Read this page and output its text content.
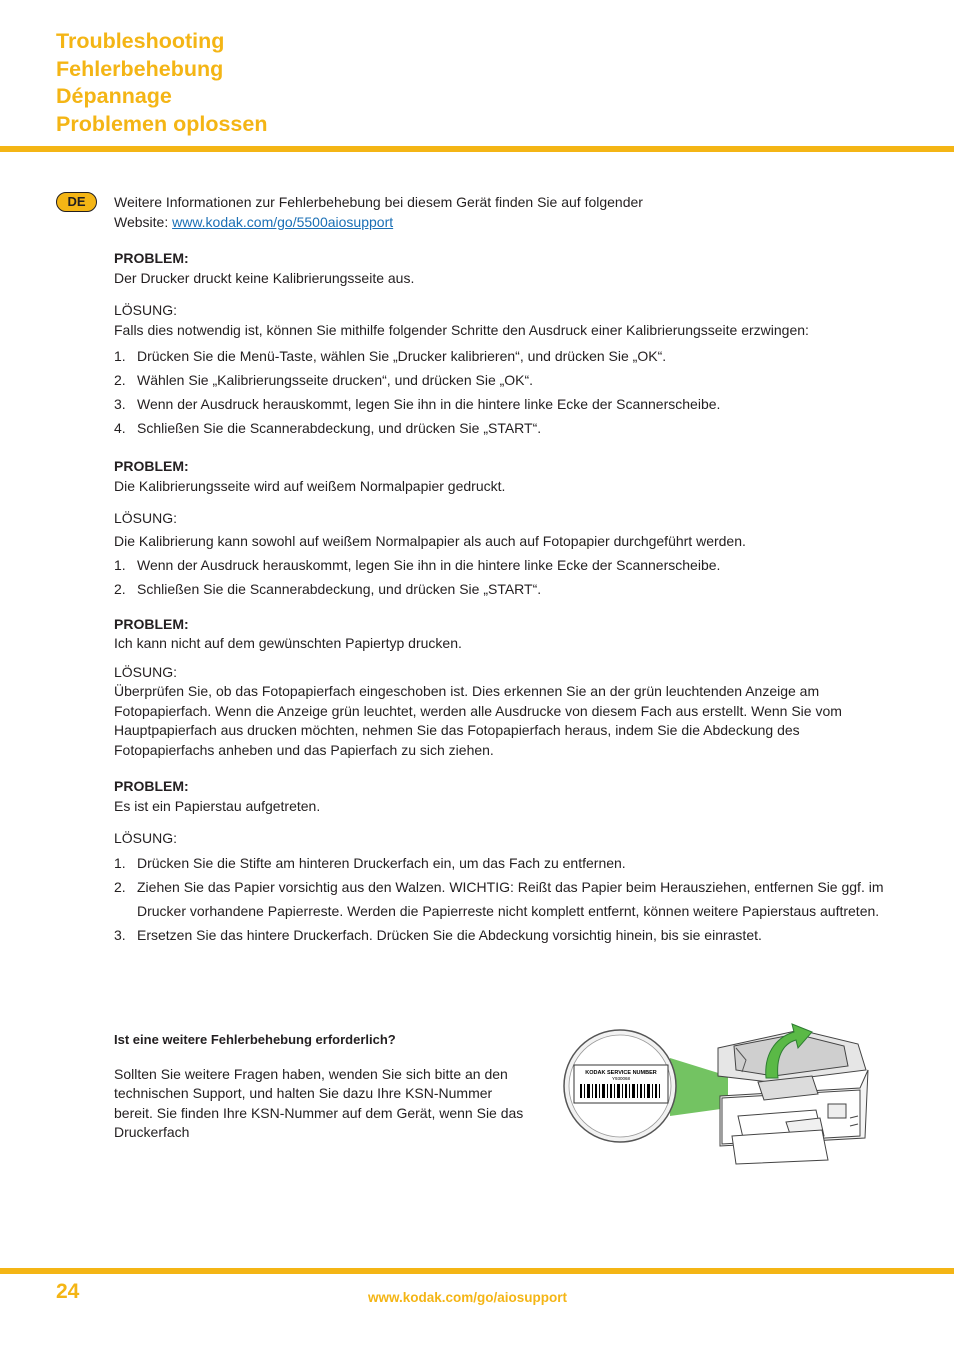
Troubleshooting
Fehlerbehebung
Dépannage
Problemen oplossen
DE	Weitere Informationen zur Fehlerbehebung bei diesem Gerät finden Sie auf folgender
Website: www.kodak.com/go/5500aiosupport

PROBLEM:

Der Drucker druckt keine Kalibrierungsseite aus.

LÖSUNG:

Falls dies notwendig ist, können Sie mithilfe folgender Schritte den Ausdruck einer Kalibrierungsseite erzwingen:

1. Drücken Sie die Menü-Taste, wählen Sie „Drucker kalibrieren“, und drücken Sie „OK“.
2. Wählen Sie „Kalibrierungsseite drucken“, und drücken Sie „OK“.
3. Wenn der Ausdruck herauskommt, legen Sie ihn in die hintere linke Ecke der Scannerscheibe.
4. Schließen Sie die Scannerabdeckung, und drücken Sie „START“.

PROBLEM:

Die Kalibrierungsseite wird auf weißem Normalpapier gedruckt.

LÖSUNG:

Die Kalibrierung kann sowohl auf weißem Normalpapier als auch auf Fotopapier durchgeführt werden.

1. Wenn der Ausdruck herauskommt, legen Sie ihn in die hintere linke Ecke der Scannerscheibe.
2. Schließen Sie die Scannerabdeckung, und drücken Sie „START“.

PROBLEM:

Ich kann nicht auf dem gewünschten Papiertyp drucken.

LÖSUNG:

Überprüfen Sie, ob das Fotopapierfach eingeschoben ist. Dies erkennen Sie an der grün leuchtenden Anzeige am Fotopapierfach. Wenn die Anzeige grün leuchtet, werden alle Ausdrucke von diesem Fach aus erstellt. Wenn Sie vom Hauptpapierfach aus drucken möchten, nehmen Sie das Fotopapierfach heraus, indem Sie die Abdeckung des Fotopapierfachs anheben und das Papierfach zu sich ziehen.

PROBLEM:

Es ist ein Papierstau aufgetreten.

LÖSUNG:

1. Drücken Sie die Stifte am hinteren Druckerfach ein, um das Fach zu entfernen.
2. Ziehen Sie das Papier vorsichtig aus den Walzen. WICHTIG: Reißt das Papier beim Herausziehen, entfernen Sie ggf. im Drucker vorhandene Papierreste. Werden die Papierreste nicht komplett entfernt, können weitere Papierstaus auftreten.
3. Ersetzen Sie das hintere Druckerfach. Drücken Sie die Abdeckung vorsichtig hinein, bis sie einrastet.
Ist eine weitere Fehlerbehebung erforderlich?

Sollten Sie weitere Fragen haben, wenden Sie sich bitte an den technischen Support, und halten Sie dazu Ihre KSN-Nummer bereit. Sie finden Ihre KSN-Nummer auf dem Gerät, wenn Sie das Druckerfach

KODAK SERVICE NUMBER
Y930068
24	www.kodak.com/go/aiosupport
